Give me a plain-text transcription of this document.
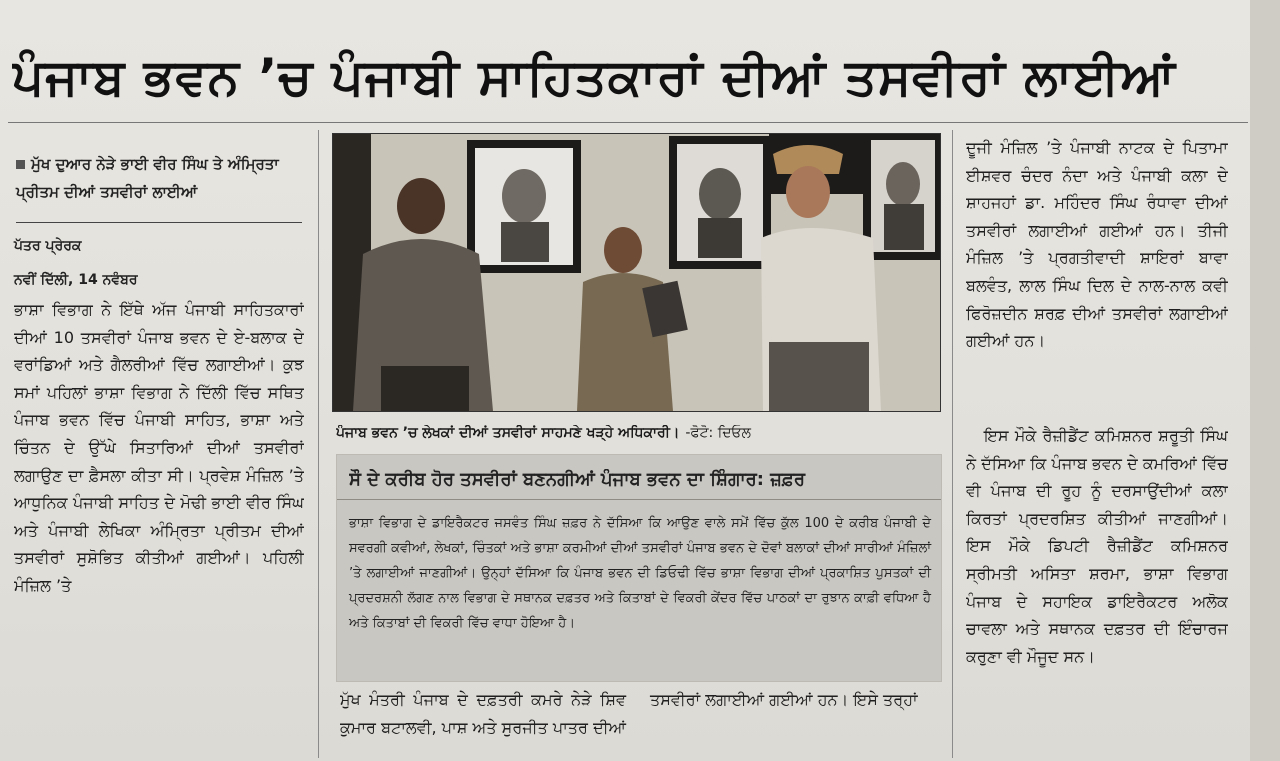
ਪੰਜਾਬ ਭਵਨ ’ਚ ਪੰਜਾਬੀ ਸਾਹਿਤਕਾਰਾਂ ਦੀਆਂ ਤਸਵੀਰਾਂ ਲਾਈਆਂ
ਮੁੱਖ ਦੁਆਰ ਨੇੜੇ ਭਾਈ ਵੀਰ ਸਿੰਘ ਤੇ ਅੰਮ੍ਰਿਤਾ ਪ੍ਰੀਤਮ ਦੀਆਂ ਤਸਵੀਰਾਂ ਲਾਈਆਂ
ਪੱਤਰ ਪ੍ਰੇਰਕ
ਨਵੀਂ ਦਿੱਲੀ, 14 ਨਵੰਬਰ
ਭਾਸ਼ਾ ਵਿਭਾਗ ਨੇ ਇੱਥੇ ਅੱਜ ਪੰਜਾਬੀ ਸਾਹਿਤਕਾਰਾਂ ਦੀਆਂ 10 ਤਸਵੀਰਾਂ ਪੰਜਾਬ ਭਵਨ ਦੇ ਏ-ਬਲਾਕ ਦੇ ਵਰਾਂਡਿਆਂ ਅਤੇ ਗੈਲਰੀਆਂ ਵਿੱਚ ਲਗਾਈਆਂ। ਕੁਝ ਸਮਾਂ ਪਹਿਲਾਂ ਭਾਸ਼ਾ ਵਿਭਾਗ ਨੇ ਦਿੱਲੀ ਵਿੱਚ ਸਥਿਤ ਪੰਜਾਬ ਭਵਨ ਵਿੱਚ ਪੰਜਾਬੀ ਸਾਹਿਤ, ਭਾਸ਼ਾ ਅਤੇ ਚਿੰਤਨ ਦੇ ਉੱਘੇ ਸਿਤਾਰਿਆਂ ਦੀਆਂ ਤਸਵੀਰਾਂ ਲਗਾਉਣ ਦਾ ਫ਼ੈਸਲਾ ਕੀਤਾ ਸੀ। ਪ੍ਰਵੇਸ਼ ਮੰਜ਼ਿਲ ’ਤੇ ਆਧੁਨਿਕ ਪੰਜਾਬੀ ਸਾਹਿਤ ਦੇ ਮੋਢੀ ਭਾਈ ਵੀਰ ਸਿੰਘ ਅਤੇ ਪੰਜਾਬੀ ਲੇਖਿਕਾ ਅੰਮ੍ਰਿਤਾ ਪ੍ਰੀਤਮ ਦੀਆਂ ਤਸਵੀਰਾਂ ਸੁਸ਼ੋਭਿਤ ਕੀਤੀਆਂ ਗਈਆਂ। ਪਹਿਲੀ ਮੰਜ਼ਿਲ ’ਤੇ
ਪੰਜਾਬ ਭਵਨ ’ਚ ਲੇਖਕਾਂ ਦੀਆਂ ਤਸਵੀਰਾਂ ਸਾਹਮਣੇ ਖੜ੍ਹੇ ਅਧਿਕਾਰੀ। -ਫੋਟੋ: ਦਿਓਲ
ਸੌ ਦੇ ਕਰੀਬ ਹੋਰ ਤਸਵੀਰਾਂ ਬਣਨਗੀਆਂ ਪੰਜਾਬ ਭਵਨ ਦਾ ਸ਼ਿੰਗਾਰ: ਜ਼ਫ਼ਰ
ਭਾਸ਼ਾ ਵਿਭਾਗ ਦੇ ਡਾਇਰੈਕਟਰ ਜਸਵੰਤ ਸਿੰਘ ਜ਼ਫ਼ਰ ਨੇ ਦੱਸਿਆ ਕਿ ਆਉਣ ਵਾਲੇ ਸਮੇਂ ਵਿੱਚ ਕੁੱਲ 100 ਦੇ ਕਰੀਬ ਪੰਜਾਬੀ ਦੇ ਸਵਰਗੀ ਕਵੀਆਂ, ਲੇਖਕਾਂ, ਚਿੰਤਕਾਂ ਅਤੇ ਭਾਸ਼ਾ ਕਰਮੀਆਂ ਦੀਆਂ ਤਸਵੀਰਾਂ ਪੰਜਾਬ ਭਵਨ ਦੇ ਦੋਵਾਂ ਬਲਾਕਾਂ ਦੀਆਂ ਸਾਰੀਆਂ ਮੰਜ਼ਿਲਾਂ ’ਤੇ ਲਗਾਈਆਂ ਜਾਣਗੀਆਂ। ਉਨ੍ਹਾਂ ਦੱਸਿਆ ਕਿ ਪੰਜਾਬ ਭਵਨ ਦੀ ਡਿਓਢੀ ਵਿੱਚ ਭਾਸ਼ਾ ਵਿਭਾਗ ਦੀਆਂ ਪ੍ਰਕਾਸ਼ਿਤ ਪੁਸਤਕਾਂ ਦੀ ਪ੍ਰਦਰਸ਼ਨੀ ਲੱਗਣ ਨਾਲ ਵਿਭਾਗ ਦੇ ਸਥਾਨਕ ਦਫ਼ਤਰ ਅਤੇ ਕਿਤਾਬਾਂ ਦੇ ਵਿਕਰੀ ਕੇਂਦਰ ਵਿੱਚ ਪਾਠਕਾਂ ਦਾ ਰੁਝਾਨ ਕਾਫ਼ੀ ਵਧਿਆ ਹੈ ਅਤੇ ਕਿਤਾਬਾਂ ਦੀ ਵਿਕਰੀ ਵਿੱਚ ਵਾਧਾ ਹੋਇਆ ਹੈ।
ਮੁੱਖ ਮੰਤਰੀ ਪੰਜਾਬ ਦੇ ਦਫ਼ਤਰੀ ਕਮਰੇ ਨੇੜੇ ਸ਼ਿਵ ਕੁਮਾਰ ਬਟਾਲਵੀ, ਪਾਸ਼ ਅਤੇ ਸੁਰਜੀਤ ਪਾਤਰ ਦੀਆਂ ਤਸਵੀਰਾਂ ਲਗਾਈਆਂ ਗਈਆਂ ਹਨ। ਇਸੇ ਤਰ੍ਹਾਂ
ਦੂਜੀ ਮੰਜ਼ਿਲ ’ਤੇ ਪੰਜਾਬੀ ਨਾਟਕ ਦੇ ਪਿਤਾਮਾ ਈਸ਼ਵਰ ਚੰਦਰ ਨੰਦਾ ਅਤੇ ਪੰਜਾਬੀ ਕਲਾ ਦੇ ਸ਼ਾਹਜਹਾਂ ਡਾ. ਮਹਿੰਦਰ ਸਿੰਘ ਰੰਧਾਵਾ ਦੀਆਂ ਤਸਵੀਰਾਂ ਲਗਾਈਆਂ ਗਈਆਂ ਹਨ। ਤੀਜੀ ਮੰਜ਼ਿਲ ’ਤੇ ਪ੍ਰਗਤੀਵਾਦੀ ਸ਼ਾਇਰਾਂ ਬਾਵਾ ਬਲਵੰਤ, ਲਾਲ ਸਿੰਘ ਦਿਲ ਦੇ ਨਾਲ-ਨਾਲ ਕਵੀ ਫਿਰੋਜ਼ਦੀਨ ਸ਼ਰਫ਼ ਦੀਆਂ ਤਸਵੀਰਾਂ ਲਗਾਈਆਂ ਗਈਆਂ ਹਨ।
ਇਸ ਮੌਕੇ ਰੈਜ਼ੀਡੈਂਟ ਕਮਿਸ਼ਨਰ ਸ਼ਰੂਤੀ ਸਿੰਘ ਨੇ ਦੱਸਿਆ ਕਿ ਪੰਜਾਬ ਭਵਨ ਦੇ ਕਮਰਿਆਂ ਵਿੱਚ ਵੀ ਪੰਜਾਬ ਦੀ ਰੂਹ ਨੂੰ ਦਰਸਾਉਂਦੀਆਂ ਕਲਾ ਕਿਰਤਾਂ ਪ੍ਰਦਰਸ਼ਿਤ ਕੀਤੀਆਂ ਜਾਣਗੀਆਂ। ਇਸ ਮੌਕੇ ਡਿਪਟੀ ਰੈਜ਼ੀਡੈਂਟ ਕਮਿਸ਼ਨਰ ਸ੍ਰੀਮਤੀ ਅਸਿਤਾ ਸ਼ਰਮਾ, ਭਾਸ਼ਾ ਵਿਭਾਗ ਪੰਜਾਬ ਦੇ ਸਹਾਇਕ ਡਾਇਰੈਕਟਰ ਅਲੋਕ ਚਾਵਲਾ ਅਤੇ ਸਥਾਨਕ ਦਫ਼ਤਰ ਦੀ ਇੰਚਾਰਜ ਕਰੁਣਾ ਵੀ ਮੌਜੂਦ ਸਨ।
